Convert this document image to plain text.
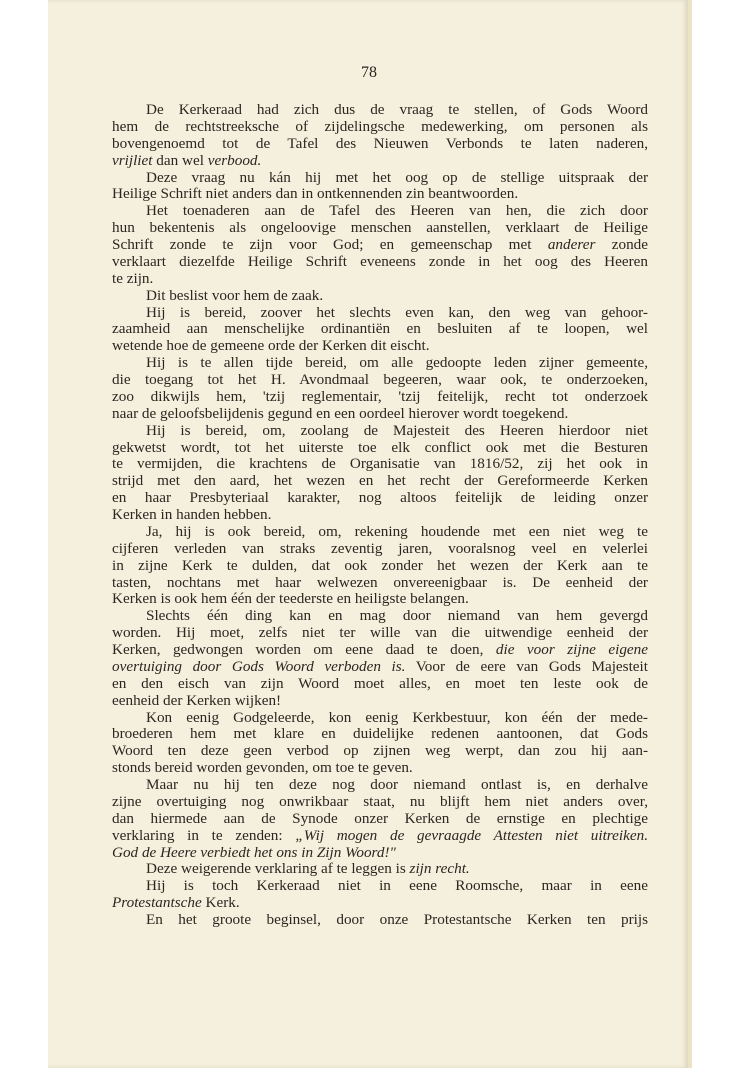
78
De Kerkeraad had zich dus de vraag te stellen, of Gods Woord
hem de rechtstreeksche of zijdelingsche medewerking, om personen als
bovengenoemd tot de Tafel des Nieuwen Verbonds te laten naderen,
vrijliet dan wel verbood.
Deze vraag nu kán hij met het oog op de stellige uitspraak der
Heilige Schrift niet anders dan in ontkennenden zin beantwoorden.
Het toenaderen aan de Tafel des Heeren van hen, die zich door
hun bekentenis als ongeloovige menschen aanstellen, verklaart de Heilige
Schrift zonde te zijn voor God; en gemeenschap met anderer zonde
verklaart diezelfde Heilige Schrift eveneens zonde in het oog des Heeren
te zijn.
Dit beslist voor hem de zaak.
Hij is bereid, zoover het slechts even kan, den weg van gehoor-
zaamheid aan menschelijke ordinantiën en besluiten af te loopen, wel
wetende hoe de gemeene orde der Kerken dit eischt.
Hij is te allen tijde bereid, om alle gedoopte leden zijner gemeente,
die toegang tot het H. Avondmaal begeeren, waar ook, te onderzoeken,
zoo dikwijls hem, 'tzij reglementair, 'tzij feitelijk, recht tot onderzoek
naar de geloofsbelijdenis gegund en een oordeel hierover wordt toegekend.
Hij is bereid, om, zoolang de Majesteit des Heeren hierdoor niet
gekwetst wordt, tot het uiterste toe elk conflict ook met die Besturen
te vermijden, die krachtens de Organisatie van 1816/52, zij het ook in
strijd met den aard, het wezen en het recht der Gereformeerde Kerken
en haar Presbyteriaal karakter, nog altoos feitelijk de leiding onzer
Kerken in handen hebben.
Ja, hij is ook bereid, om, rekening houdende met een niet weg te
cijferen verleden van straks zeventig jaren, vooralsnog veel en velerlei
in zijne Kerk te dulden, dat ook zonder het wezen der Kerk aan te
tasten, nochtans met haar welwezen onvereenigbaar is. De eenheid der
Kerken is ook hem één der teederste en heiligste belangen.
Slechts één ding kan en mag door niemand van hem gevergd
worden. Hij moet, zelfs niet ter wille van die uitwendige eenheid der
Kerken, gedwongen worden om eene daad te doen, die voor zijne eigene
overtuiging door Gods Woord verboden is. Voor de eere van Gods Majesteit
en den eisch van zijn Woord moet alles, en moet ten leste ook de
eenheid der Kerken wijken!
Kon eenig Godgeleerde, kon eenig Kerkbestuur, kon één der mede-
broederen hem met klare en duidelijke redenen aantoonen, dat Gods
Woord ten deze geen verbod op zijnen weg werpt, dan zou hij aan-
stonds bereid worden gevonden, om toe te geven.
Maar nu hij ten deze nog door niemand ontlast is, en derhalve
zijne overtuiging nog onwrikbaar staat, nu blijft hem niet anders over,
dan hiermede aan de Synode onzer Kerken de ernstige en plechtige
verklaring in te zenden: „Wij mogen de gevraagde Attesten niet uitreiken.
God de Heere verbiedt het ons in Zijn Woord!"
Deze weigerende verklaring af te leggen is zijn recht.
Hij is toch Kerkeraad niet in eene Roomsche, maar in eene
Protestantsche Kerk.
En het groote beginsel, door onze Protestantsche Kerken ten prijs
